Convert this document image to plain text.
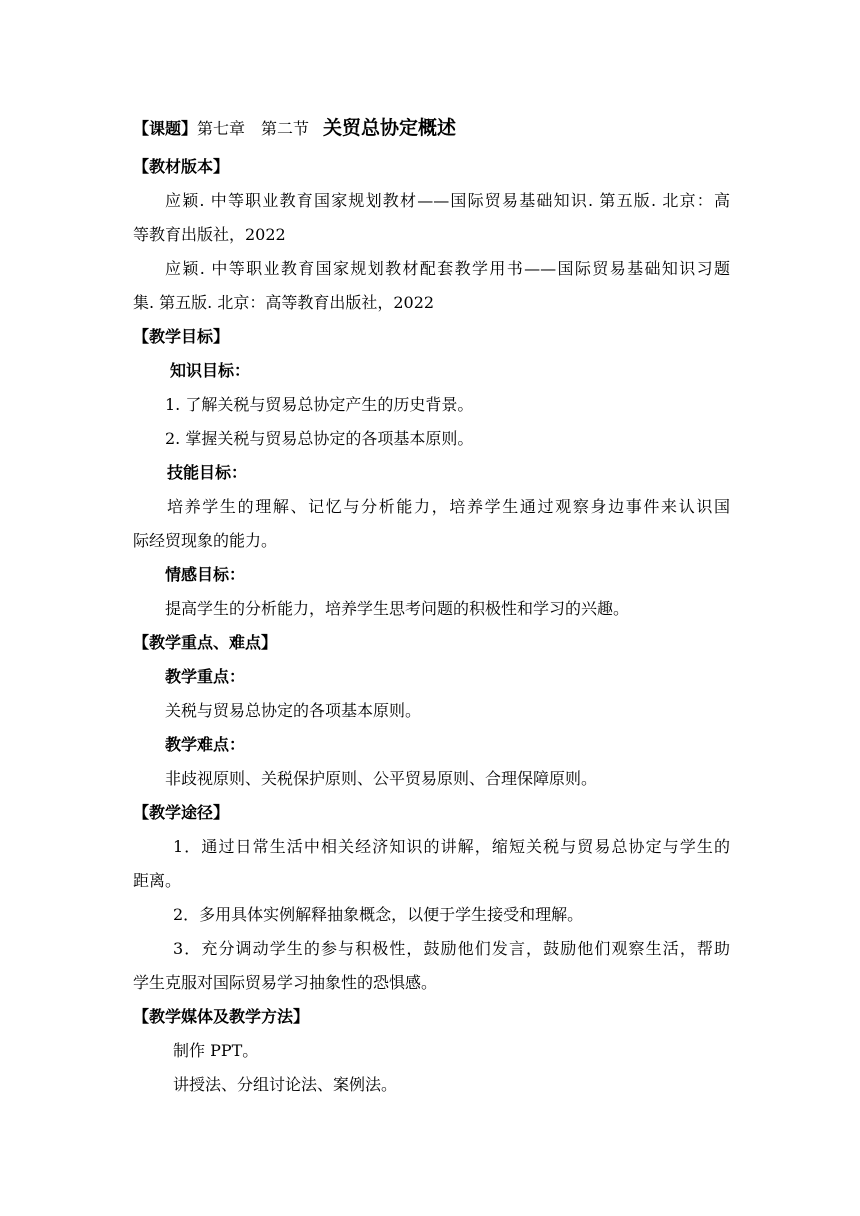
【课题】第七章　第二节 关贸总协定概述

【教材版本】

应颖. 中等职业教育国家规划教材——国际贸易基础知识. 第五版. 北京：高

等教育出版社，2022

应颖. 中等职业教育国家规划教材配套教学用书——国际贸易基础知识习题

集. 第五版. 北京：高等教育出版社，2022

【教学目标】

知识目标：

1. 了解关税与贸易总协定产生的历史背景。

2. 掌握关税与贸易总协定的各项基本原则。

技能目标：

培养学生的理解、记忆与分析能力，培养学生通过观察身边事件来认识国

际经贸现象的能力。

情感目标：

提高学生的分析能力，培养学生思考问题的积极性和学习的兴趣。

【教学重点、难点】

教学重点：

关税与贸易总协定的各项基本原则。

教学难点：

非歧视原则、关税保护原则、公平贸易原则、合理保障原则。

【教学途径】

1．通过日常生活中相关经济知识的讲解，缩短关税与贸易总协定与学生的

距离。

2．多用具体实例解释抽象概念，以便于学生接受和理解。

3．充分调动学生的参与积极性，鼓励他们发言，鼓励他们观察生活，帮助

学生克服对国际贸易学习抽象性的恐惧感。

【教学媒体及教学方法】

制作 PPT。

讲授法、分组讨论法、案例法。
